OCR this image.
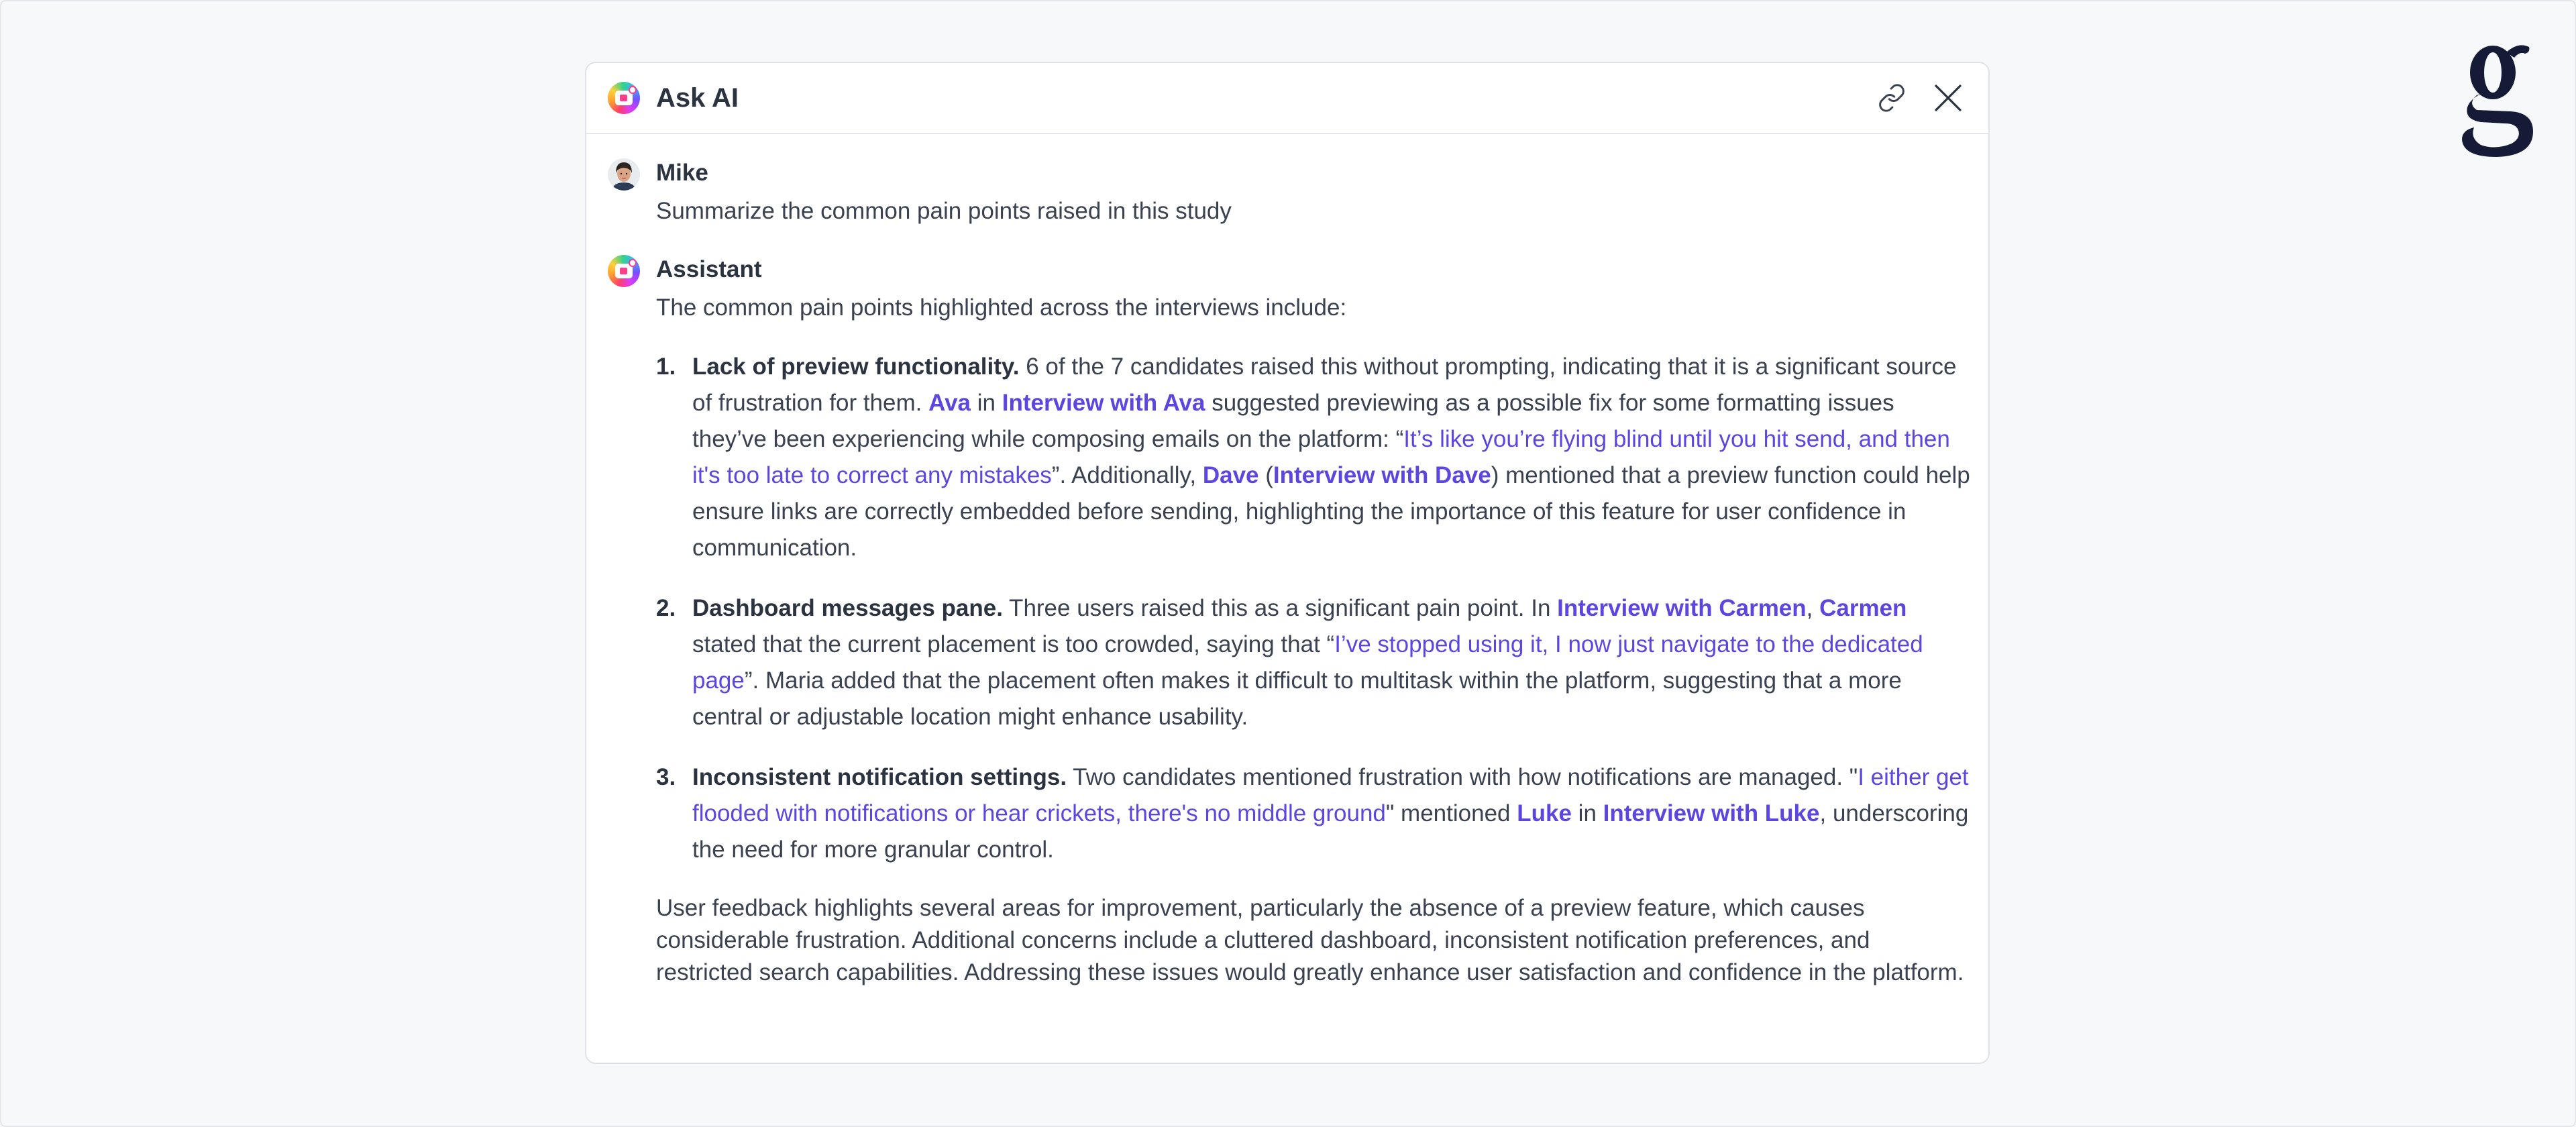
Ask AI
Mike
Summarize the common pain points raised in this study
Assistant
The common pain points highlighted across the interviews include:
1. Lack of preview functionality. 6 of the 7 candidates raised this without prompting, indicating that it is a significant source of frustration for them. Ava in Interview with Ava suggested previewing as a possible fix for some formatting issues they’ve been experiencing while composing emails on the platform: “It’s like you’re flying blind until you hit send, and then it's too late to correct any mistakes”. Additionally, Dave (Interview with Dave) mentioned that a preview function could help ensure links are correctly embedded before sending, highlighting the importance of this feature for user confidence in communication.
2. Dashboard messages pane. Three users raised this as a significant pain point. In Interview with Carmen, Carmen stated that the current placement is too crowded, saying that “I’ve stopped using it, I now just navigate to the dedicated page”. Maria added that the placement often makes it difficult to multitask within the platform, suggesting that a more central or adjustable location might enhance usability.
3. Inconsistent notification settings. Two candidates mentioned frustration with how notifications are managed. "I either get flooded with notifications or hear crickets, there's no middle ground" mentioned Luke in Interview with Luke, underscoring the need for more granular control.
User feedback highlights several areas for improvement, particularly the absence of a preview feature, which causes considerable frustration. Additional concerns include a cluttered dashboard, inconsistent notification preferences, and restricted search capabilities. Addressing these issues would greatly enhance user satisfaction and confidence in the platform.
